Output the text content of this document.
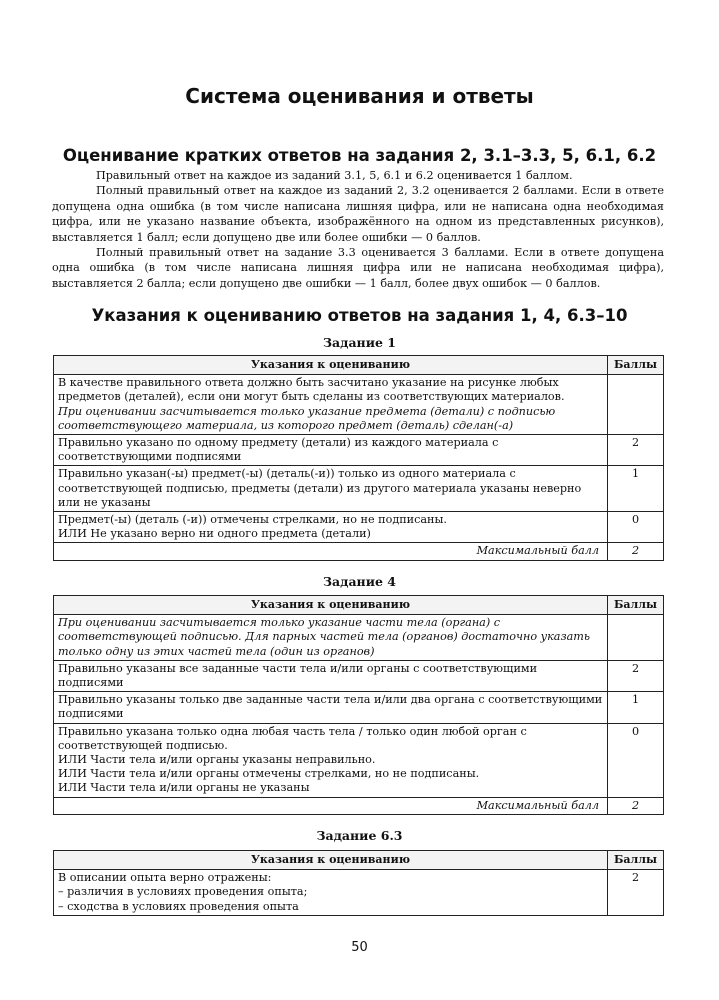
Система оценивания и ответы
Оценивание кратких ответов на задания 2, 3.1–3.3, 5, 6.1, 6.2

Правильный ответ на каждое из заданий 3.1, 5, 6.1 и 6.2 оценивается 1 баллом.

Полный правильный ответ на каждое из заданий 2, 3.2 оценивается 2 баллами. Если в ответе допущена одна ошибка (в том числе написана лишняя цифра, или не написана одна необходимая цифра, или не указано название объекта, изображённого на одном из представленных рисунков), выставляется 1 балл; если допущено две или более ошибки — 0 баллов.

Полный правильный ответ на задание 3.3 оценивается 3 баллами. Если в ответе допущена одна ошибка (в том числе написана лишняя цифра или не написана необходимая цифра), выставляется 2 балла; если допущено две ошибки — 1 балл, более двух ошибок — 0 баллов.

Указания к оцениванию ответов на задания 1, 4, 6.3–10
Задание 1
Указания к оцениванию	Баллы

В качестве правильного ответа должно быть засчитано указание на рисунке любых предметов (деталей), если они могут быть сделаны из соответствующих материалов.
При оценивании засчитывается только указание предмета (детали) с подписью соответствующего материала, из которого предмет (деталь) сделан(-а)	

Правильно указано по одному предмету (детали) из каждого материала с соответствующими подписями	2
Правильно указан(-ы) предмет(-ы) (деталь(-и)) только из одного материала с соответствующей подписью, предметы (детали) из другого материала указаны неверно или не указаны	1

Предмет(-ы) (деталь (-и)) отмечены стрелками, но не подписаны.
ИЛИ Не указано верно ни одного предмета (детали)	0
Максимальный балл	2
Задание 4
Указания к оцениванию	Баллы

При оценивании засчитывается только указание части тела (органа) с соответствующей подписью. Для парных частей тела (органов) достаточно указать только одну из этих частей тела (один из органов)	

Правильно указаны все заданные части тела и/или органы с соответствующими подписями	2
Правильно указаны только две заданные части тела и/или два органа с соответствующими подписями	1

Правильно указана только одна любая часть тела / только один любой орган с соответствующей подписью.
ИЛИ Части тела и/или органы указаны неправильно.
ИЛИ Части тела и/или органы отмечены стрелками, но не подписаны.
ИЛИ Части тела и/или органы не указаны	0
Максимальный балл	2
Задание 6.3
Указания к оцениванию	Баллы

В описании опыта верно отражены:
– различия в условиях проведения опыта;
– сходства в условиях проведения опыта	2
50
